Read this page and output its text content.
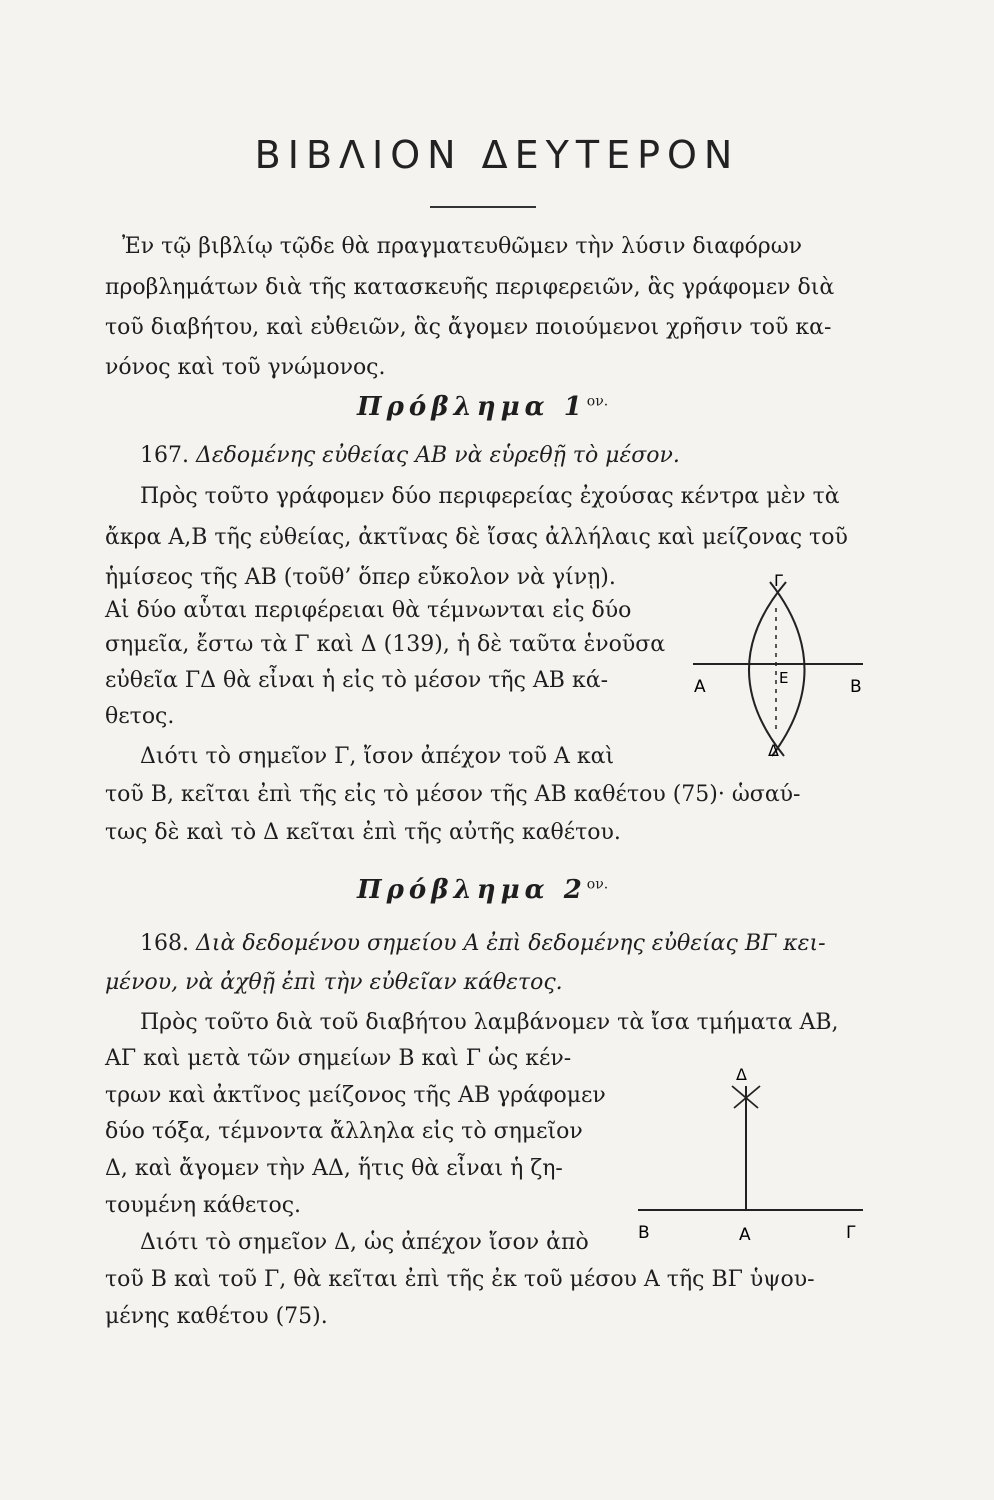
ΒΙΒΛΙΟΝ ΔΕΥΤΕΡΟΝ
Ἐν τῷ βιβλίῳ τῷδε θὰ πραγματευθῶμεν τὴν λύσιν διαφόρων
προβλημάτων διὰ τῆς κατασκευῆς περιφερειῶν, ἃς γράφομεν διὰ
τοῦ διαβήτου, καὶ εὐθειῶν, ἃς ἄγομεν ποιούμενοι χρῆσιν τοῦ κα-
νόνος καὶ τοῦ γνώμονος.
Πρόβλημα $1^{o\nu.}$
167. Δεδομένης εὐθείας ΑΒ νὰ εὑρεθῇ τὸ μέσον.
Πρὸς τοῦτο γράφομεν δύο περιφερείας ἐχούσας κέντρα μὲν τὰ
ἄκρα Α,Β τῆς εὐθείας, ἀκτῖνας δὲ ἴσας ἀλλήλαις καὶ μείζονας τοῦ
ἡμίσεος τῆς ΑΒ (τοῦθ’ ὅπερ εὔκολον νὰ γίνῃ).
Αἱ δύο αὗται περιφέρειαι θὰ τέμνωνται εἰς δύο
σημεῖα, ἔστω τὰ Γ καὶ Δ (139), ἡ δὲ ταῦτα ἑνοῦσα
εὐθεῖα ΓΔ θὰ εἶναι ἡ εἰς τὸ μέσον τῆς ΑΒ κά-
θετος.
Διότι τὸ σημεῖον Γ, ἴσον ἀπέχον τοῦ Α καὶ
τοῦ Β, κεῖται ἐπὶ τῆς εἰς τὸ μέσον τῆς ΑΒ καθέτου (75)· ὡσαύ-
τως δὲ καὶ τὸ Δ κεῖται ἐπὶ τῆς αὐτῆς καθέτου.
Α	Β
Γ
Δ
Ε
Πρόβλημα $2^{o\nu.}$
168. Διὰ δεδομένου σημείου Α ἐπὶ δεδομένης εὐθείας ΒΓ κει-
μένου, νὰ ἀχθῇ ἐπὶ τὴν εὐθεῖαν κάθετος.
Πρὸς τοῦτο διὰ τοῦ διαβήτου λαμβάνομεν τὰ ἴσα τμήματα ΑΒ,
ΑΓ καὶ μετὰ τῶν σημείων Β καὶ Γ ὡς κέν-
τρων καὶ ἀκτῖνος μείζονος τῆς ΑΒ γράφομεν
δύο τόξα, τέμνοντα ἄλληλα εἰς τὸ σημεῖον
Δ, καὶ ἄγομεν τὴν ΑΔ, ἥτις θὰ εἶναι ἡ ζη-
τουμένη κάθετος.
Διότι τὸ σημεῖον Δ, ὡς ἀπέχον ἴσον ἀπὸ
τοῦ Β καὶ τοῦ Γ, θὰ κεῖται ἐπὶ τῆς ἐκ τοῦ μέσου Α τῆς ΒΓ ὑψου-
μένης καθέτου (75).
Δ
Β	Α	Γ
